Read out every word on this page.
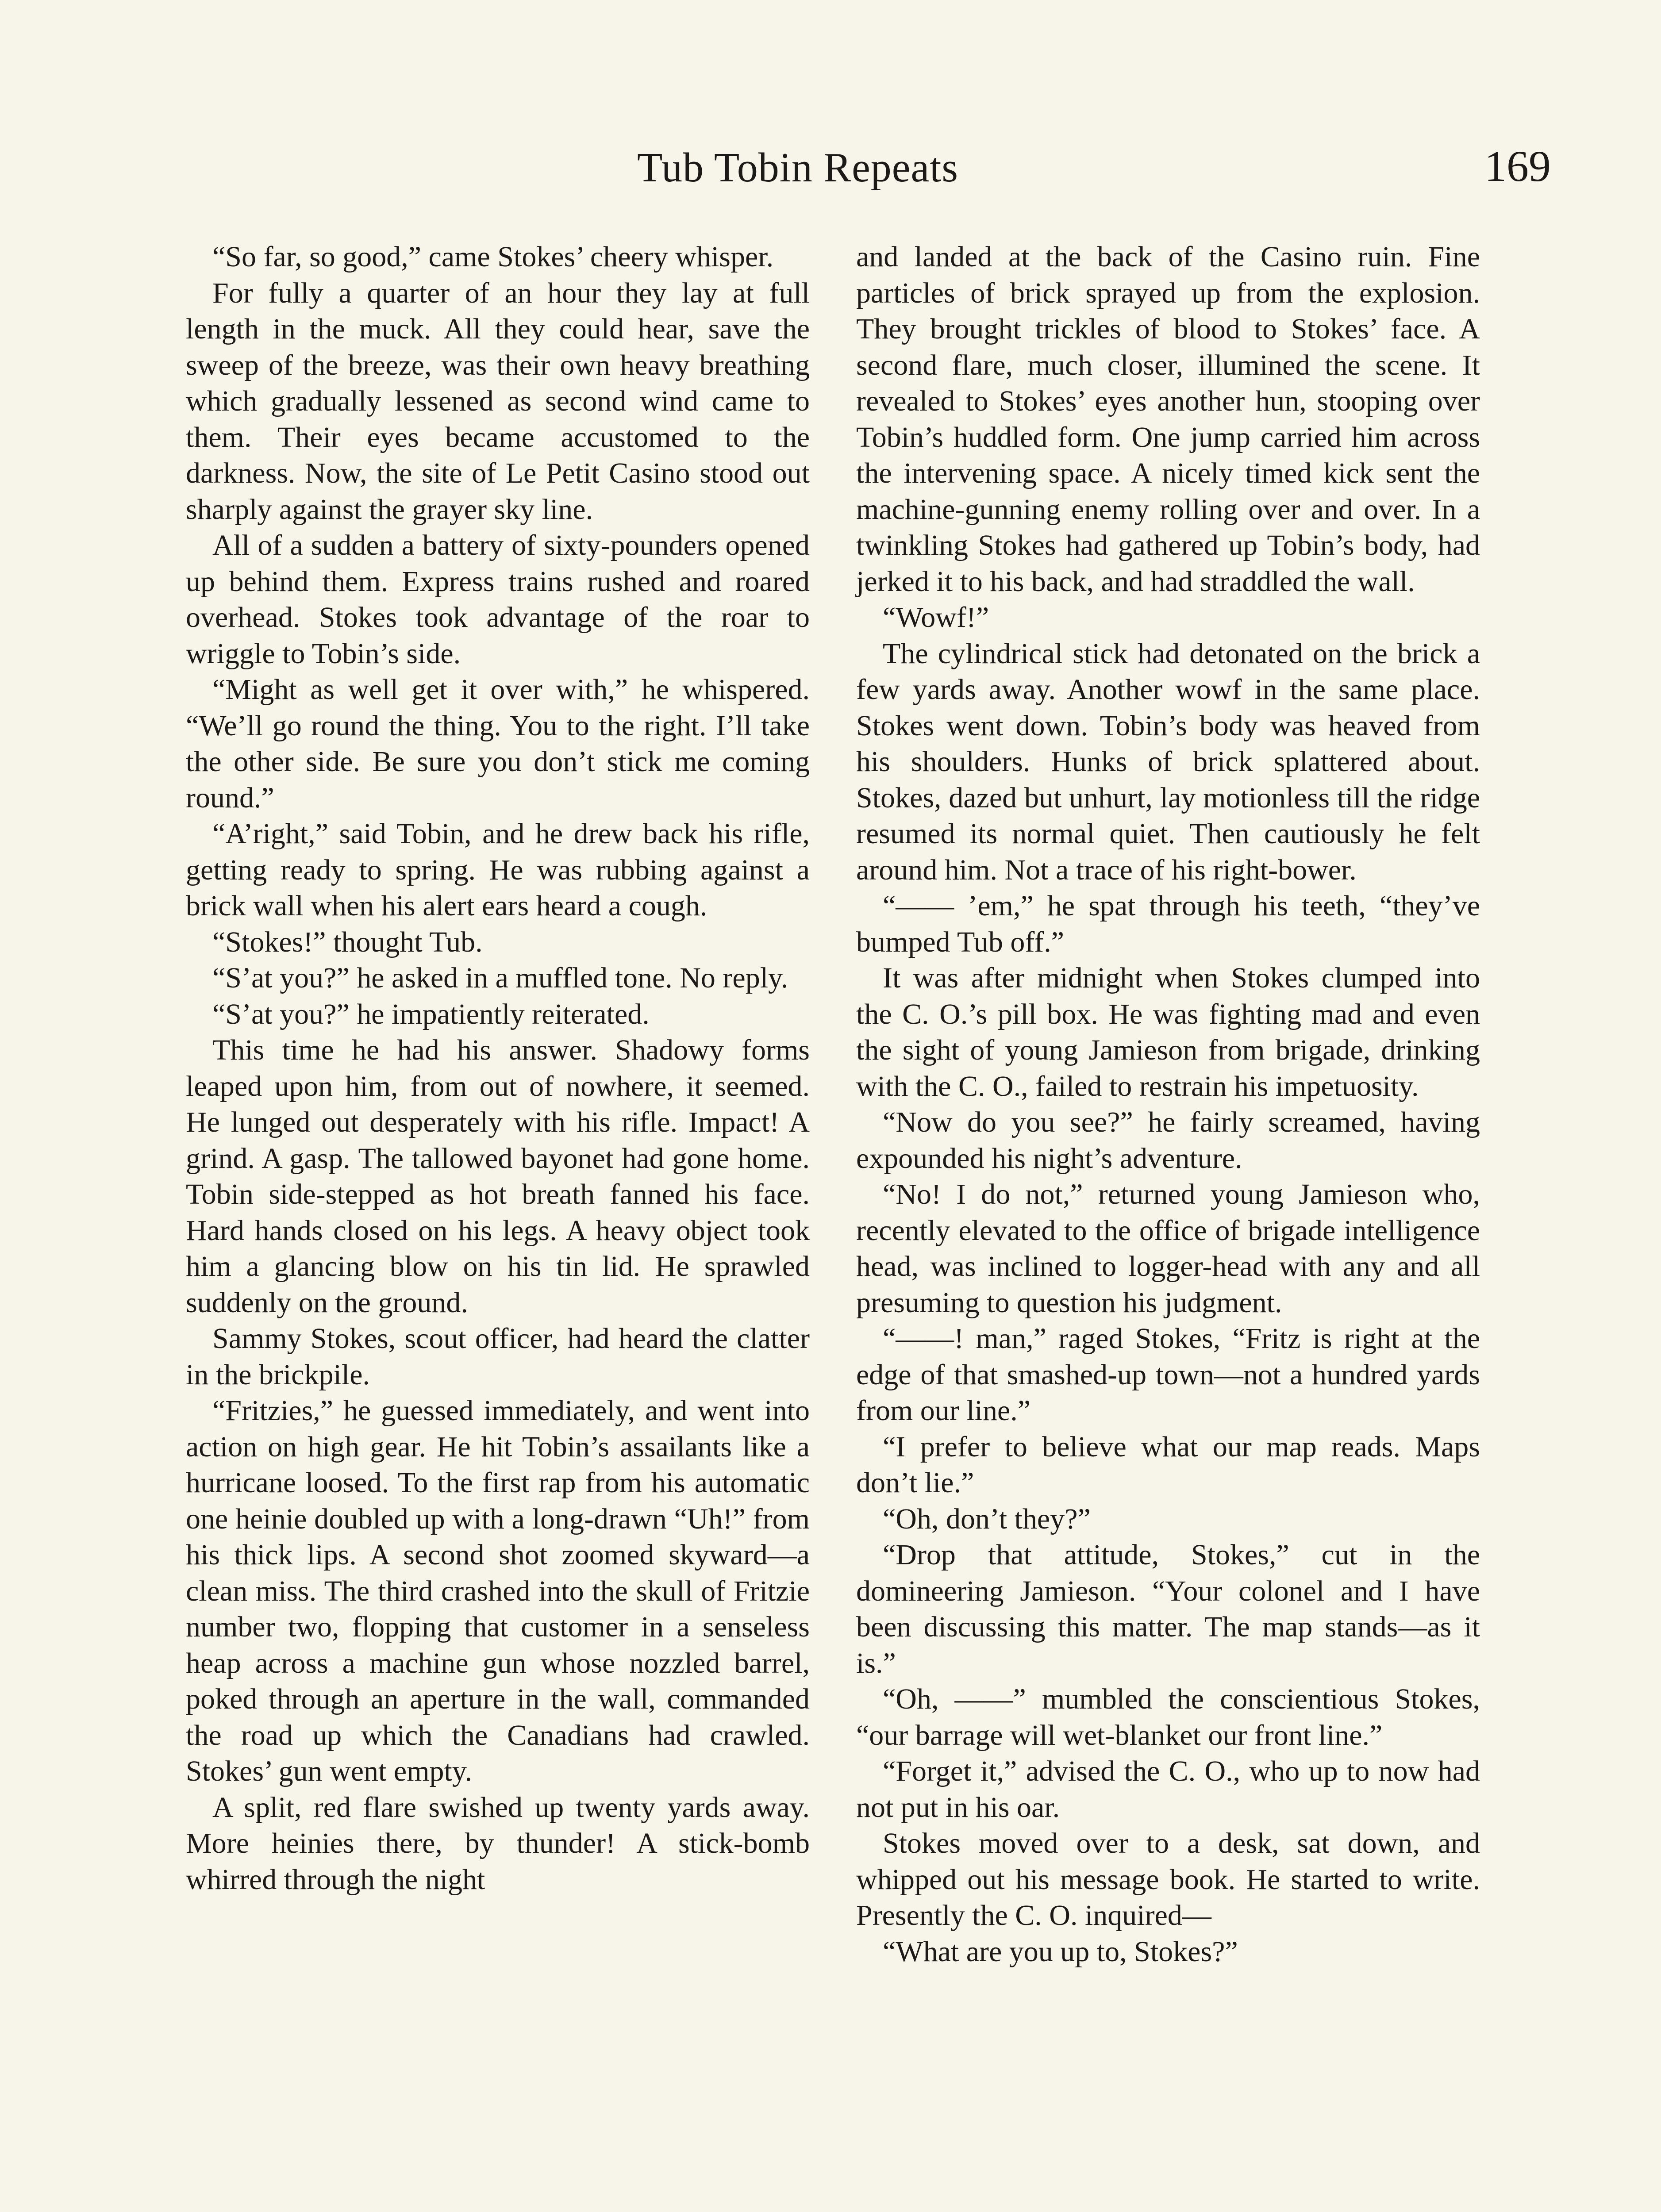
Tub Tobin Repeats	169

“So far, so good,” came Stokes’ cheery whisper.

For fully a quarter of an hour they lay at full length in the muck. All they could hear, save the sweep of the breeze, was their own heavy breathing which gradually lessened as second wind came to them. Their eyes became accustomed to the darkness. Now, the site of Le Petit Casino stood out sharply against the grayer sky line.

All of a sudden a battery of sixty-pounders opened up behind them. Express trains rushed and roared overhead. Stokes took advantage of the roar to wriggle to Tobin’s side.

“Might as well get it over with,” he whispered. “We’ll go round the thing. You to the right. I’ll take the other side. Be sure you don’t stick me coming round.”

“A’right,” said Tobin, and he drew back his rifle, getting ready to spring. He was rubbing against a brick wall when his alert ears heard a cough.

“Stokes!” thought Tub.

“S’at you?” he asked in a muffled tone. No reply.

“S’at you?” he impatiently reiterated.

This time he had his answer. Shadowy forms leaped upon him, from out of nowhere, it seemed. He lunged out desperately with his rifle. Impact! A grind. A gasp. The tallowed bayonet had gone home. Tobin side-stepped as hot breath fanned his face. Hard hands closed on his legs. A heavy object took him a glancing blow on his tin lid. He sprawled suddenly on the ground.

Sammy Stokes, scout officer, had heard the clatter in the brickpile.

“Fritzies,” he guessed immediately, and went into action on high gear. He hit Tobin’s assailants like a hurricane loosed. To the first rap from his automatic one heinie doubled up with a long-drawn “Uh!” from his thick lips. A second shot zoomed skyward—a clean miss. The third crashed into the skull of Fritzie number two, flopping that customer in a senseless heap across a machine gun whose nozzled barrel, poked through an aperture in the wall, commanded the road up which the Canadians had crawled. Stokes’ gun went empty.

A split, red flare swished up twenty yards away. More heinies there, by thunder! A stick-bomb whirred through the night

and landed at the back of the Casino ruin. Fine particles of brick sprayed up from the explosion. They brought trickles of blood to Stokes’ face. A second flare, much closer, illumined the scene. It revealed to Stokes’ eyes another hun, stooping over Tobin’s huddled form. One jump carried him across the intervening space. A nicely timed kick sent the machine-gunning enemy rolling over and over. In a twinkling Stokes had gathered up Tobin’s body, had jerked it to his back, and had straddled the wall.

“Wowf!”

The cylindrical stick had detonated on the brick a few yards away. Another wowf in the same place. Stokes went down. Tobin’s body was heaved from his shoulders. Hunks of brick splattered about. Stokes, dazed but unhurt, lay motionless till the ridge resumed its normal quiet. Then cautiously he felt around him. Not a trace of his right-bower.

“—— ’em,” he spat through his teeth, “they’ve bumped Tub off.”

It was after midnight when Stokes clumped into the C. O.’s pill box. He was fighting mad and even the sight of young Jamieson from brigade, drinking with the C. O., failed to restrain his impetuosity.

“Now do you see?” he fairly screamed, having expounded his night’s adventure.

“No! I do not,” returned young Jamieson who, recently elevated to the office of brigade intelligence head, was inclined to logger-head with any and all presuming to question his judgment.

“——! man,” raged Stokes, “Fritz is right at the edge of that smashed-up town—not a hundred yards from our line.”

“I prefer to believe what our map reads. Maps don’t lie.”

“Oh, don’t they?”

“Drop that attitude, Stokes,” cut in the domineering Jamieson. “Your colonel and I have been discussing this matter. The map stands—as it is.”

“Oh, ——” mumbled the conscientious Stokes, “our barrage will wet-blanket our front line.”

“Forget it,” advised the C. O., who up to now had not put in his oar.

Stokes moved over to a desk, sat down, and whipped out his message book. He started to write. Presently the C. O. inquired—

“What are you up to, Stokes?”
